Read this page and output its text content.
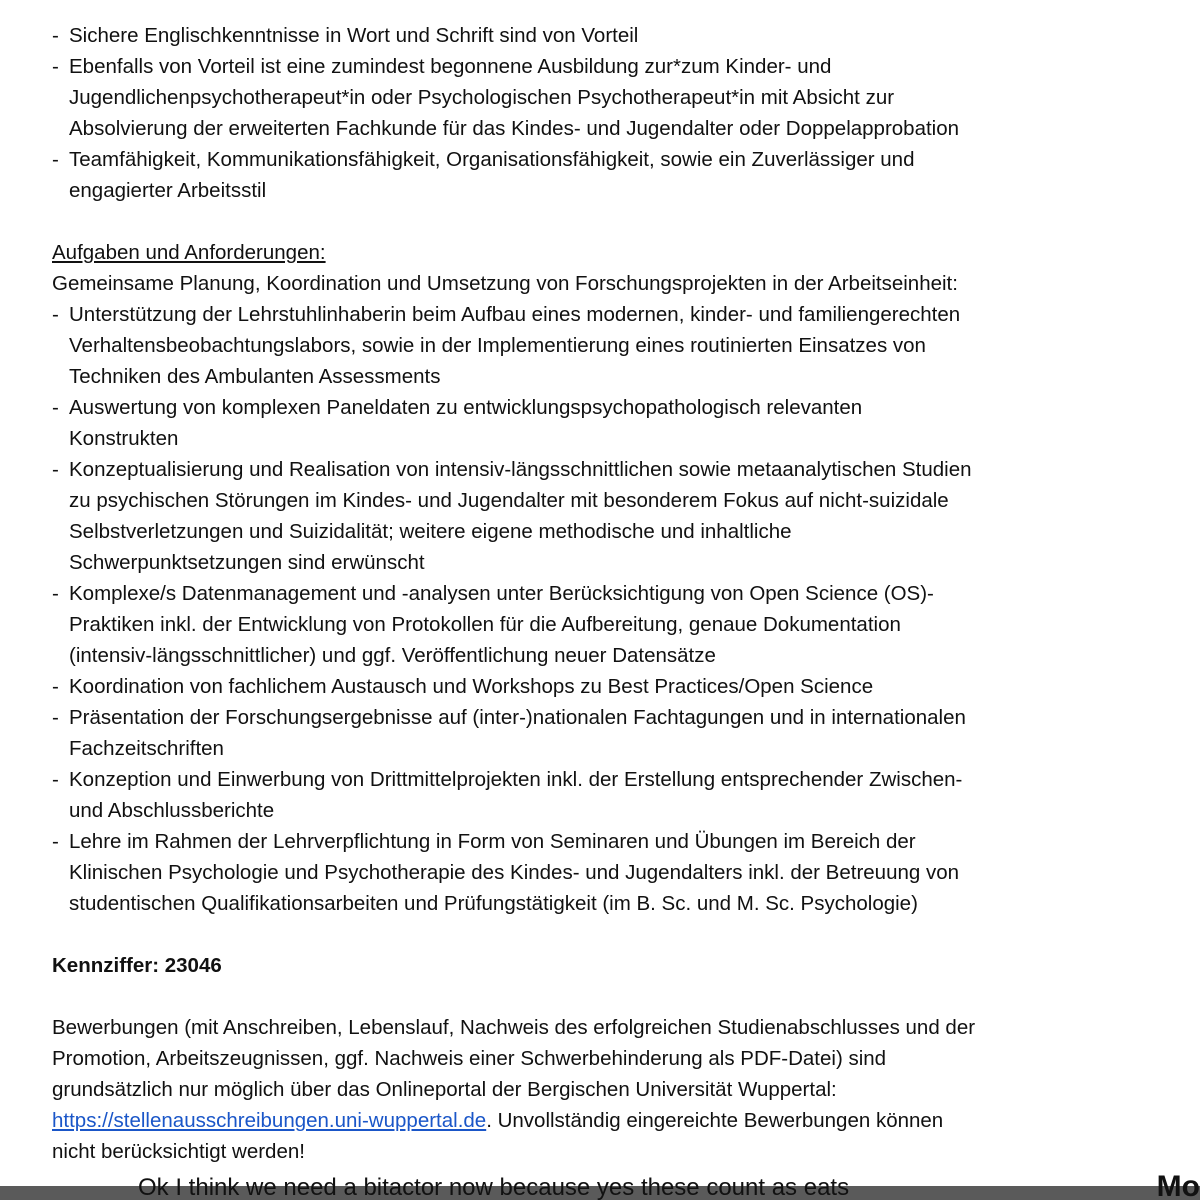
- Sichere Englischkenntnisse in Wort und Schrift sind von Vorteil
- Ebenfalls von Vorteil ist eine zumindest begonnene Ausbildung zur*zum Kinder- und
Jugendlichenpsychotherapeut*in oder Psychologischen Psychotherapeut*in mit Absicht zur
Absolvierung der erweiterten Fachkunde für das Kindes- und Jugendalter oder Doppelapprobation
- Teamfähigkeit, Kommunikationsfähigkeit, Organisationsfähigkeit, sowie ein Zuverlässiger und
engagierter Arbeitsstil
Aufgaben und Anforderungen:
Gemeinsame Planung, Koordination und Umsetzung von Forschungsprojekten in der Arbeitseinheit:
- Unterstützung der Lehrstuhlinhaberin beim Aufbau eines modernen, kinder- und familiengerechten
Verhaltensbeobachtungslabors, sowie in der Implementierung eines routinierten Einsatzes von
Techniken des Ambulanten Assessments
- Auswertung von komplexen Paneldaten zu entwicklungspsychopathologisch relevanten
Konstrukten
- Konzeptualisierung und Realisation von intensiv-längsschnittlichen sowie metaanalytischen Studien
zu psychischen Störungen im Kindes- und Jugendalter mit besonderem Fokus auf nicht-suizidale
Selbstverletzungen und Suizidalität; weitere eigene methodische und inhaltliche
Schwerpunktsetzungen sind erwünscht
- Komplexe/s Datenmanagement und -analysen unter Berücksichtigung von Open Science (OS)-
Praktiken inkl. der Entwicklung von Protokollen für die Aufbereitung, genaue Dokumentation
(intensiv-längsschnittlicher) und ggf. Veröffentlichung neuer Datensätze
- Koordination von fachlichem Austausch und Workshops zu Best Practices/Open Science
- Präsentation der Forschungsergebnisse auf (inter-)nationalen Fachtagungen und in internationalen
Fachzeitschriften
- Konzeption und Einwerbung von Drittmittelprojekten inkl. der Erstellung entsprechender Zwischen-
und Abschlussberichte
- Lehre im Rahmen der Lehrverpflichtung in Form von Seminaren und Übungen im Bereich der
Klinischen Psychologie und Psychotherapie des Kindes- und Jugendalters inkl. der Betreuung von
studentischen Qualifikationsarbeiten und Prüfungstätigkeit (im B. Sc. und M. Sc. Psychologie)
Kennziffer: 23046
Bewerbungen (mit Anschreiben, Lebenslauf, Nachweis des erfolgreichen Studienabschlusses und der
Promotion, Arbeitszeugnissen, ggf. Nachweis einer Schwerbehinderung als PDF-Datei) sind
grundsätzlich nur möglich über das Onlineportal der Bergischen Universität Wuppertal:
https://stellenausschreibungen.uni-wuppertal.de. Unvollständig eingereichte Bewerbungen können
nicht berücksichtigt werden!
Ok I think we need a bitactor now because yes these count as eats	Mo
